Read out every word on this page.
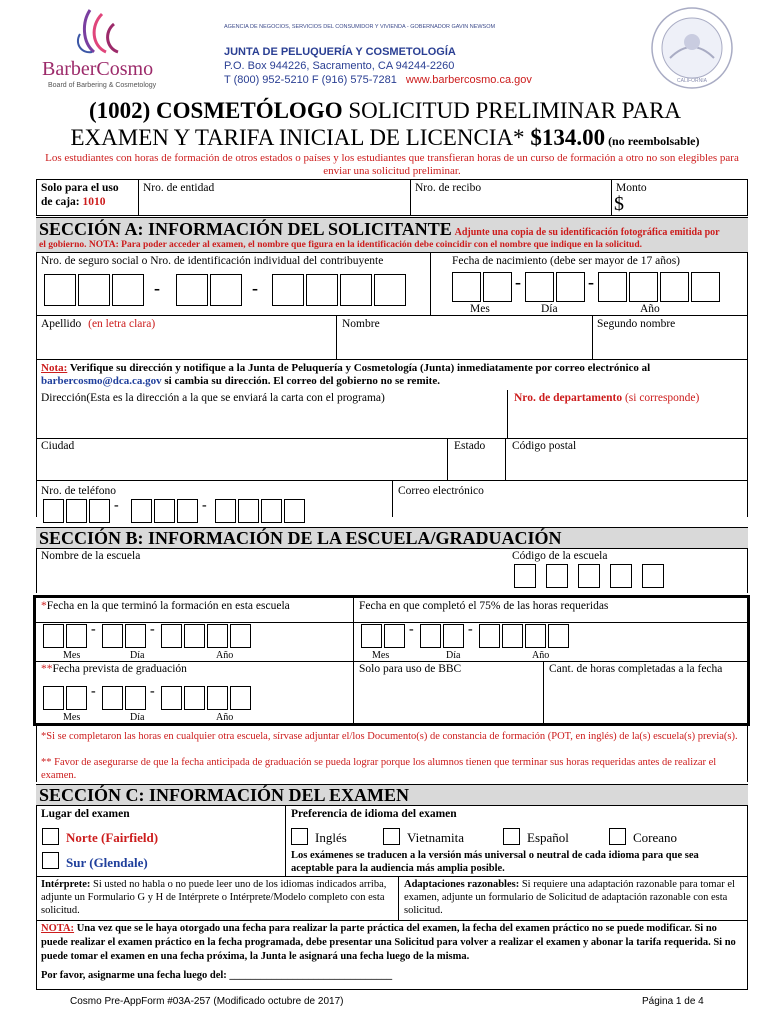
BarberCosmo
Board of Barbering & Cosmetology
AGENCIA DE NEGOCIOS, SERVICIOS DEL CONSUMIDOR Y VIVIENDA - GOBERNADOR GAVIN NEWSOM
JUNTA DE PELUQUERÍA Y COSMETOLOGÍA
P.O. Box 944226, Sacramento, CA 94244-2260
T (800) 952-5210 F (916) 575-7281 www.barbercosmo.ca.gov	CALIFORNIA
(1002) COSMETÓLOGO SOLICITUD PRELIMINAR PARA
EXAMEN Y TARIFA INICIAL DE LICENCIA* $134.00 (no reembolsable)
Los estudiantes con horas de formación de otros estados o países y los estudiantes que transfieran horas de un curso de formación a otro no son elegibles para enviar una solicitud preliminar.
Solo para el uso
de caja: 1010
Nro. de entidad	Nro. de recibo	Monto
$
SECCIÓN A: INFORMACIÓN DEL SOLICITANTE Adjunte una copia de su identificación fotográfica emitida por
el gobierno. NOTA: Para poder acceder al examen, el nombre que figura en la identificación debe coincidir con el nombre que indique en la solicitud.
Nro. de seguro social o Nro. de identificación individual del contribuyente	Fecha de nacimiento (debe ser mayor de 17 años)
-	-	-	-
Mes	Día	Año
Apellido (en letra clara)	Nombre	Segundo nombre
Nota: Verifique su dirección y notifique a la Junta de Peluquería y Cosmetología (Junta) inmediatamente por correo electrónico al
barbercosmo@dca.ca.gov si cambia su dirección. El correo del gobierno no se remite.
Dirección(Esta es la dirección a la que se enviará la carta con el programa)	Nro. de departamento (si corresponde)
Ciudad	Estado Código postal
Nro. de teléfono	Correo electrónico
-	-
SECCIÓN B: INFORMACIÓN DE LA ESCUELA/GRADUACIÓN
Nombre de la escuela	Código de la escuela
*Fecha en la que terminó la formación en esta escuela	Fecha en que completó el 75% de las horas requeridas
-	-
Mes	Día	Año
-	-
Mes	Día	Año
**Fecha prevista de graduación	Solo para uso de BBC	Cant. de horas completadas a la fecha
-	-
Mes	Día	Año
*Si se completaron las horas en cualquier otra escuela, sírvase adjuntar el/los Documento(s) de constancia de formación (POT, en inglés) de la(s) escuela(s) previa(s).
** Favor de asegurarse de que la fecha anticipada de graduación se pueda lograr porque los alumnos tienen que terminar sus horas requeridas antes de realizar el examen.
SECCIÓN C: INFORMACIÓN DEL EXAMEN
Lugar del examen	Preferencia de idioma del examen
Norte (Fairfield)
Sur (Glendale)
Inglés	Vietnamita	Español	Coreano
Los exámenes se traducen a la versión más universal o neutral de cada idioma para que sea aceptable para la audiencia más amplia posible.
Intérprete: Si usted no habla o no puede leer uno de los idiomas indicados arriba, adjunte un Formulario G y H de Intérprete o Intérprete/Modelo completo con esta solicitud.
Adaptaciones razonables: Si requiere una adaptación razonable para tomar el examen, adjunte un formulario de Solicitud de adaptación razonable con esta solicitud.
NOTA: Una vez que se le haya otorgado una fecha para realizar la parte práctica del examen, la fecha del examen práctico no se puede modificar. Si no puede realizar el examen práctico en la fecha programada, debe presentar una Solicitud para volver a realizar el examen y abonar la tarifa requerida. Si no puede tomar el examen en una fecha próxima, la Junta le asignará una fecha luego de la misma.
Por favor, asignarme una fecha luego del: _______________________________
Cosmo Pre-AppForm #03A-257 (Modificado octubre de 2017)	Página 1 de 4
